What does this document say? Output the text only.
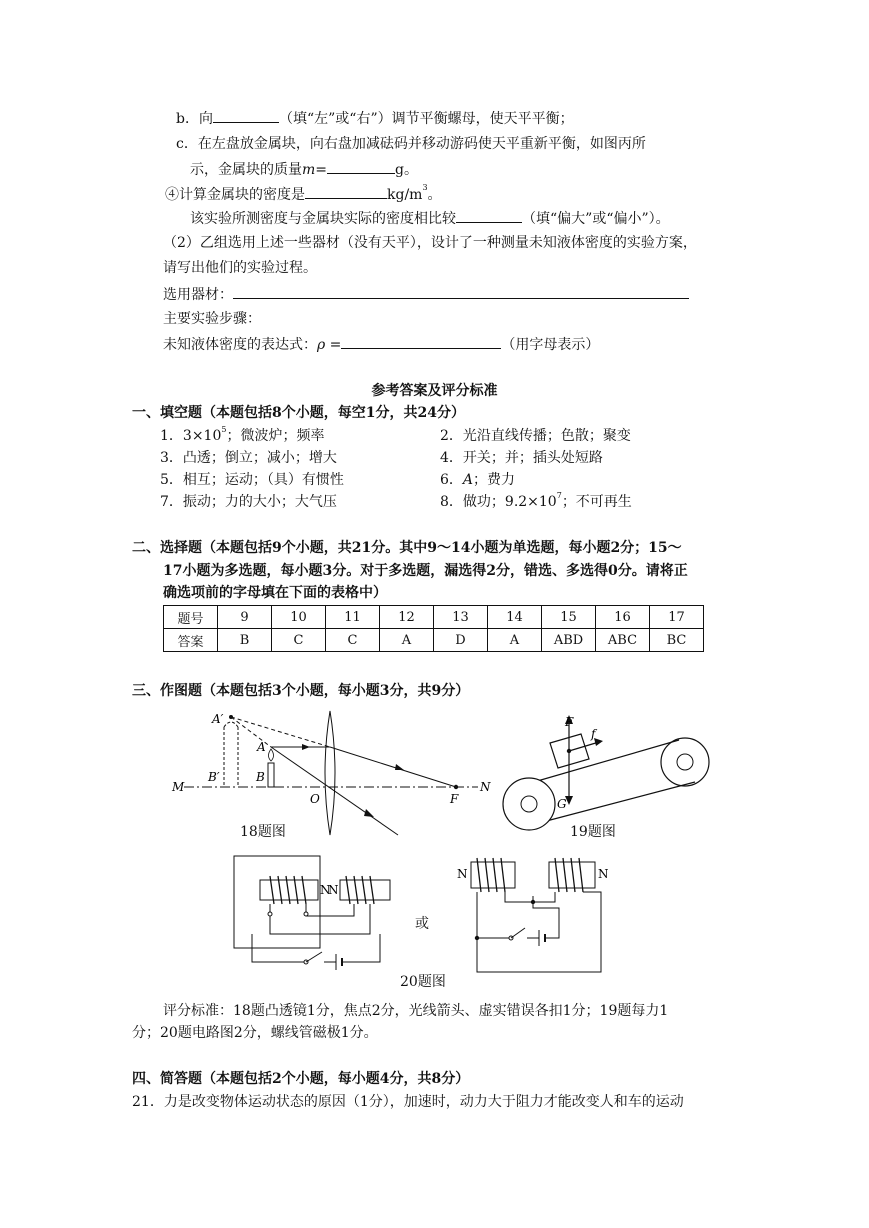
b．向	（填“左”或“右”）调节平衡螺母，使天平平衡；
c．在左盘放金属块，向右盘加减砝码并移动游码使天平重新平衡，如图丙所
示，金属块的质量m=	g。
④计算金属块的密度是	$kg/m^3$。
该实验所测密度与金属块实际的密度相比较	（填“偏大”或“偏小”）。
（2）乙组选用上述一些器材（没有天平），设计了一种测量未知液体密度的实验方案，
请写出他们的实验过程。
选用器材：
主要实验步骤：
未知液体密度的表达式：ρ =	（用字母表示）
参考答案及评分标准
一、填空题（本题包括8个小题，每空1分，共24分）
1．$3\times 10^5$；微波炉；频率	2．光沿直线传播；色散；聚变
3．凸透；倒立；减小；增大	4．开关；并；插头处短路
5．相互；运动；（具）有惯性	6．A；费力
7．振动；力的大小；大气压	8．做功；$9.2\times 10^7$；不可再生
二、选择题（本题包括9个小题，共21分。其中9～14小题为单选题，每小题2分；15～
17小题为多选题，每小题3分。对于多选题，漏选得2分，错选、多选得0分。请将正
确选项前的字母填在下面的表格中）
题号	9	10	11	12	13	14	15	16	17
答案	B	C	C	A	D	A	ABD	ABC	BC
三、作图题（本题包括3个小题，每小题3分，共9分）
A′
A
B′	B
M
O	F
N
18题图
F
f
G
19题图
N
N
或
N	N
20题图
评分标准：18题凸透镜1分，焦点2分，光线箭头、虚实错误各扣1分；19题每力1
分；20题电路图2分，螺线管磁极1分。
四、简答题（本题包括2个小题，每小题4分，共8分）
21．力是改变物体运动状态的原因（1分），加速时，动力大于阻力才能改变人和车的运动
